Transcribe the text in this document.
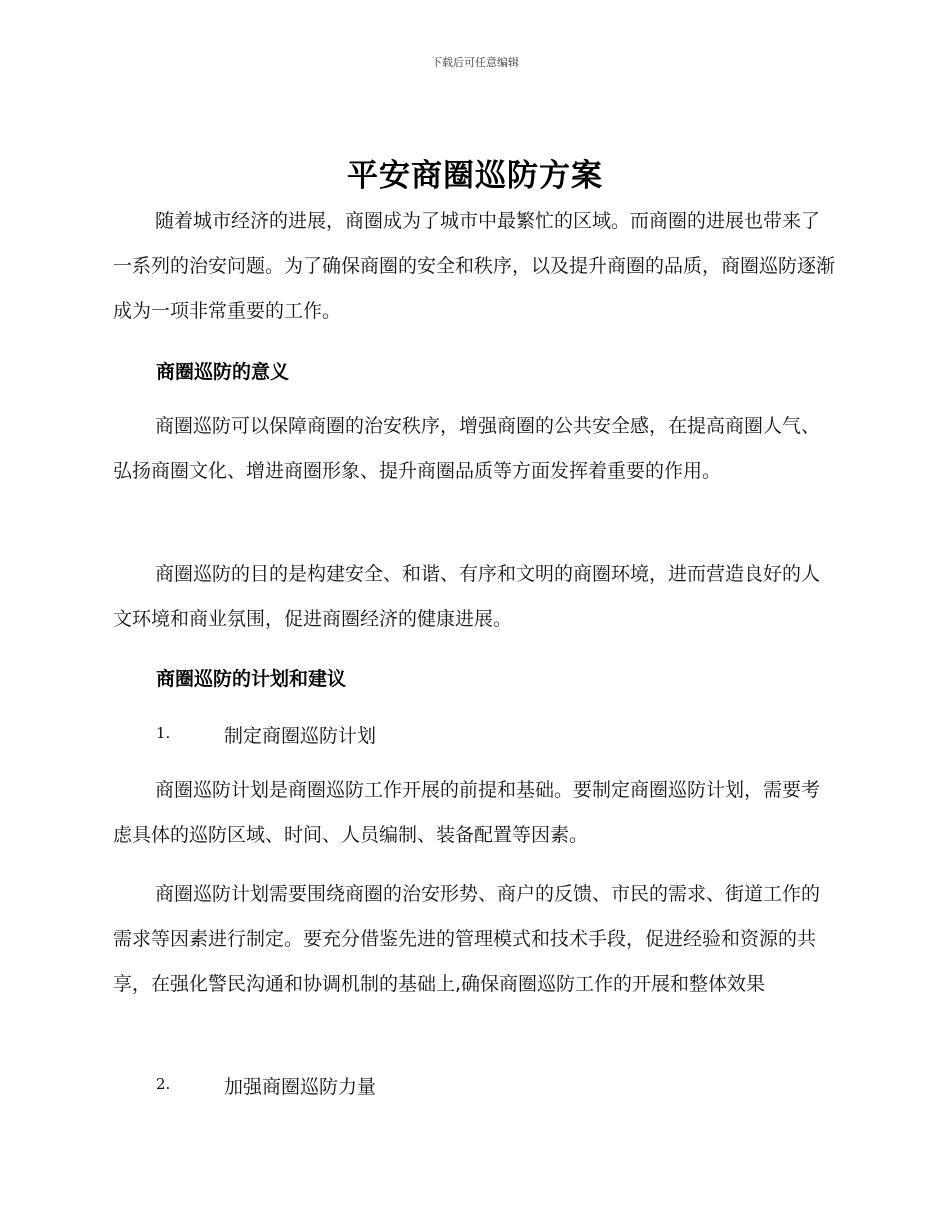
下载后可任意编辑
平安商圈巡防方案

随着城市经济的进展，商圈成为了城市中最繁忙的区域。而商圈的进展也带来了一系列的治安问题。为了确保商圈的安全和秩序，以及提升商圈的品质，商圈巡防逐渐成为一项非常重要的工作。

商圈巡防的意义

商圈巡防可以保障商圈的治安秩序，增强商圈的公共安全感，在提高商圈人气、弘扬商圈文化、增进商圈形象、提升商圈品质等方面发挥着重要的作用。

商圈巡防的目的是构建安全、和谐、有序和文明的商圈环境，进而营造良好的人文环境和商业氛围，促进商圈经济的健康进展。

商圈巡防的计划和建议

1.	制定商圈巡防计划

商圈巡防计划是商圈巡防工作开展的前提和基础。要制定商圈巡防计划，需要考虑具体的巡防区域、时间、人员编制、装备配置等因素。

商圈巡防计划需要围绕商圈的治安形势、商户的反馈、市民的需求、街道工作的需求等因素进行制定。要充分借鉴先进的管理模式和技术手段，促进经验和资源的共享，在强化警民沟通和协调机制的基础上,确保商圈巡防工作的开展和整体效果

2.	加强商圈巡防力量
